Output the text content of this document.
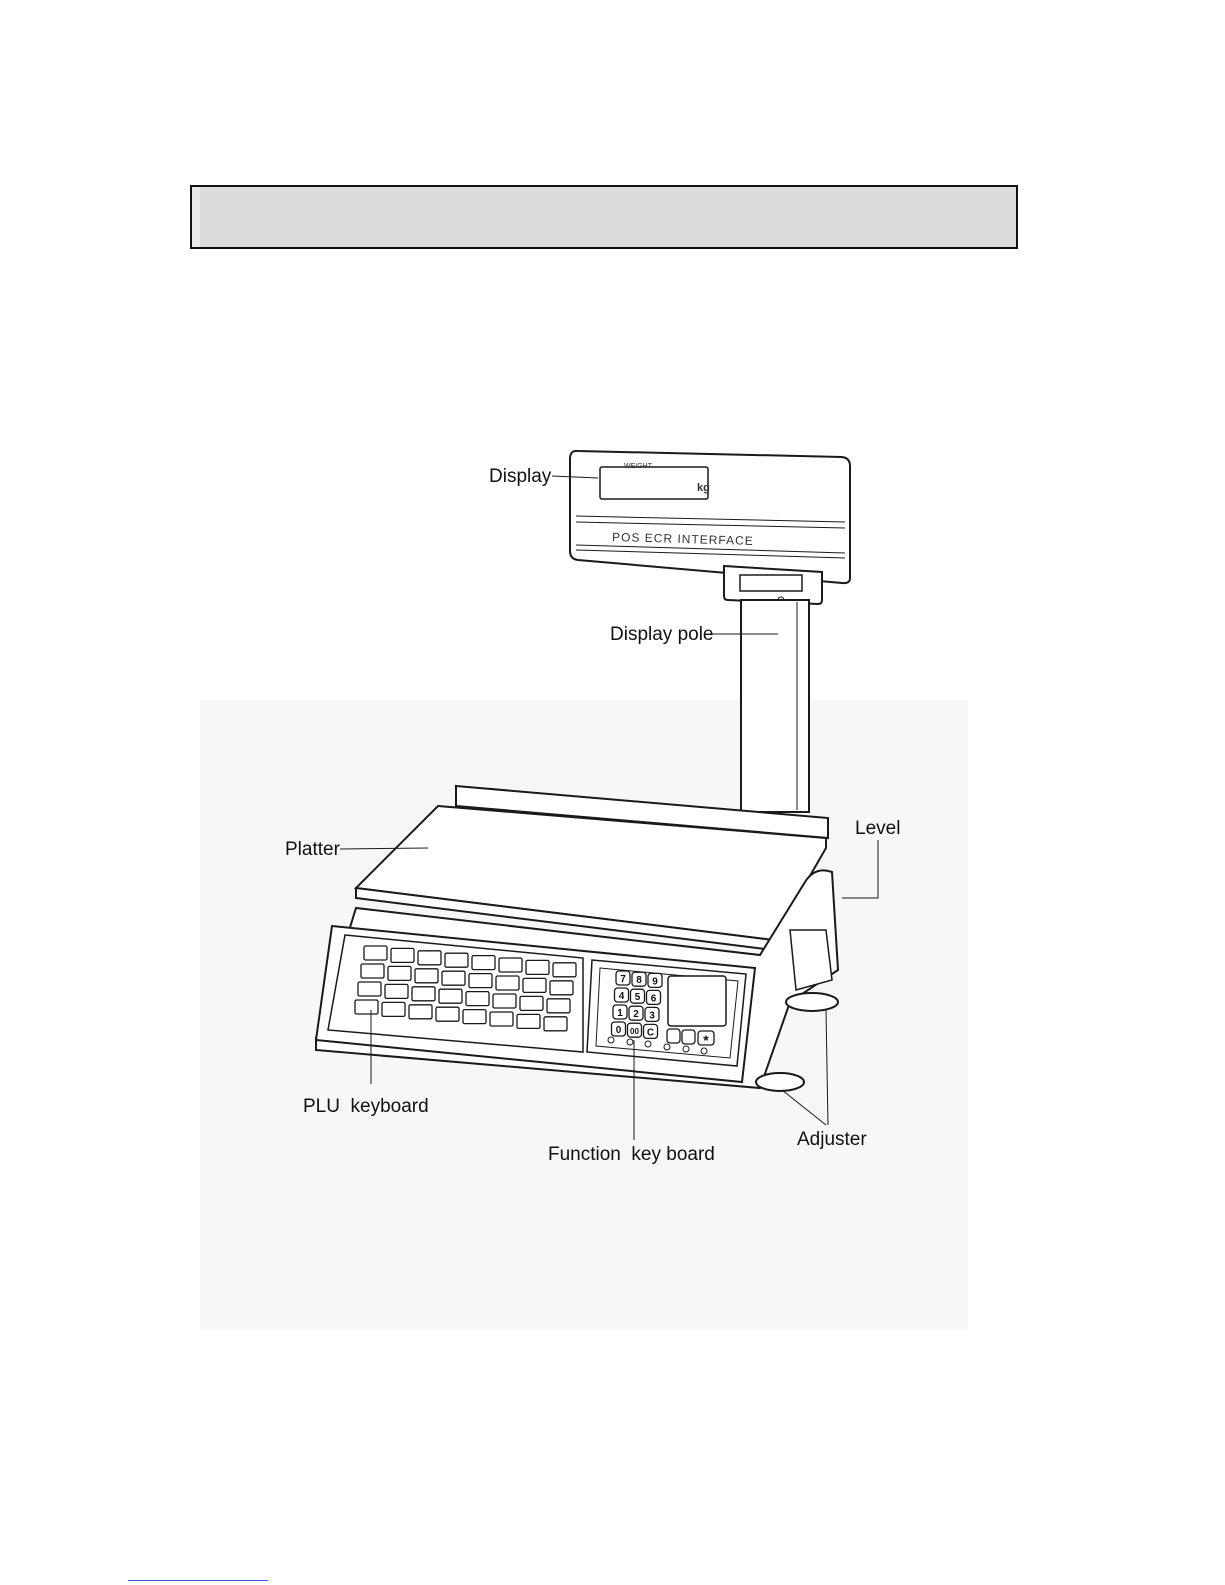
WEIGHT
kg
POS ECR INTERFACE
7 8 9
4 5 6
1 2 3
0 00 C	*
Display
Display pole
Platter
Level
PLU  keyboard
Function  key board
Adjuster
